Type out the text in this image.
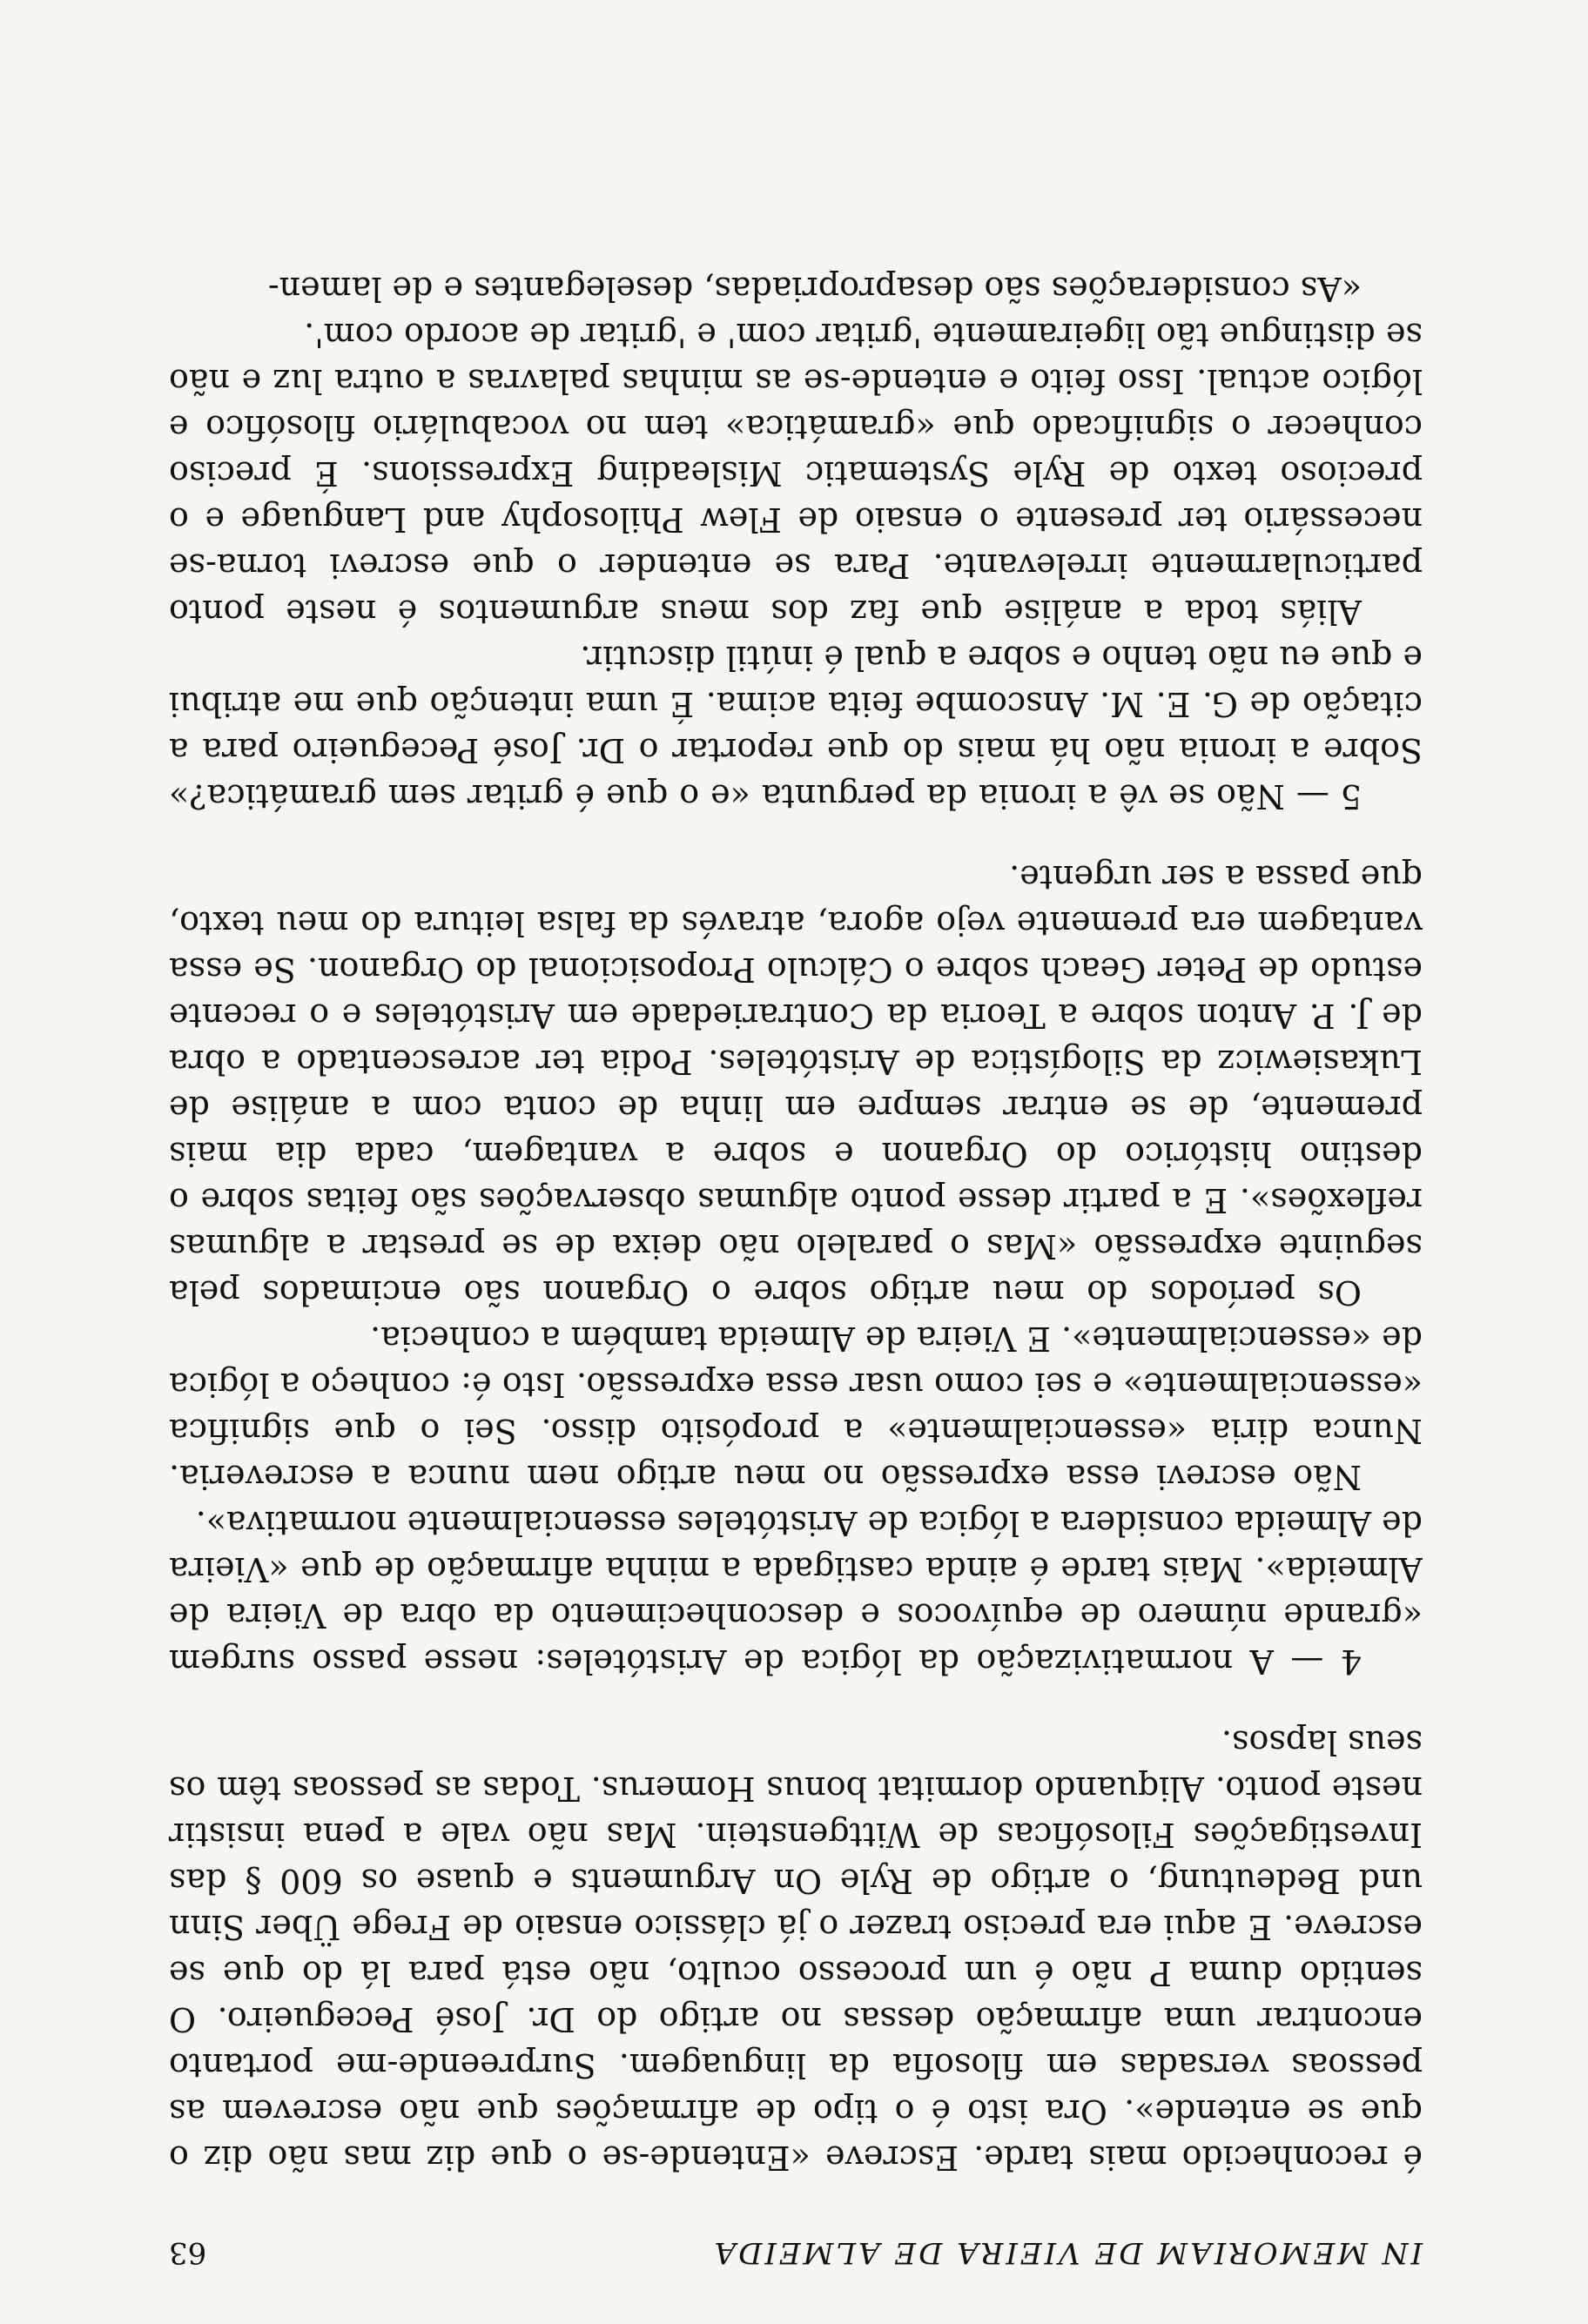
IN MEMORIAM DE VIEIRA DE ALMEIDA
63

é reconhecido mais tarde. Escreve «Entende-se o que diz mas não diz o que se entende». Ora isto é o tipo de afirmações que não escrevem as pessoas versadas em filosofia da linguagem. Surpreende-me portanto encontrar uma afirmação dessas no artigo do Dr. José Pecegueiro. O sentido duma P não é um processo oculto, não está para lá do que se escreve. E aqui era preciso trazer o já clássico ensaio de Frege Über Sinn und Bedeutung, o artigo de Ryle On Arguments e quase os 600 § das Investigações Filosóficas de Wittgenstein. Mas não vale a pena insistir neste ponto. Aliquando dormitat bonus Homerus. Todas as pessoas têm os seus lapsos.

4 — A normativização da lógica de Aristóteles: nesse passo surgem «grande número de equívocos e desconhecimento da obra de Vieira de Almeida». Mais tarde é ainda castigada a minha afirmação de que «Vieira de Almeida considera a lógica de Aristóteles essencialmente normativa».

Não escrevi essa expressão no meu artigo nem nunca a escreveria. Nunca diria «essencialmente» a propósito disso. Sei o que significa «essencialmente» e sei como usar essa expressão. Isto é: conheço a lógica de «essencialmente». E Vieira de Almeida também a conhecia.

Os períodos do meu artigo sobre o Organon são encimados pela seguinte expressão «Mas o paralelo não deixa de se prestar a algumas reflexões». E a partir desse ponto algumas observações são feitas sobre o destino histórico do Organon e sobre a vantagem, cada dia mais premente, de se entrar sempre em linha de conta com a análise de Lukasiewicz da Silogística de Aristóteles. Podia ter acrescentado a obra de J. P. Anton sobre a Teoria da Contrariedade em Aristóteles e o recente estudo de Peter Geach sobre o Cálculo Proposicional do Organon. Se essa vantagem era premente vejo agora, através da falsa leitura do meu texto, que passa a ser urgente.

5 — Não se vê a ironia da pergunta «e o que é gritar sem gramática?» Sobre a ironia não há mais do que reportar o Dr. José Pecegueiro para a citação de G. E. M. Anscombe feita acima. É uma intenção que me atribui e que eu não tenho e sobre a qual é inútil discutir.

Aliás toda a análise que faz dos meus argumentos é neste ponto particularmente irrelevante. Para se entender o que escrevi torna-se necessário ter presente o ensaio de Flew Philosophy and Language e o precioso texto de Ryle Systematic Misleading Expressions. É preciso conhecer o significado que «gramática» tem no vocabulário filosófico e lógico actual. Isso feito e entende-se as minhas palavras a outra luz e não se distingue tão ligeiramente 'gritar com' e 'gritar de acordo com'.

«As considerações são desapropriadas, deselegantes e de lamen-
